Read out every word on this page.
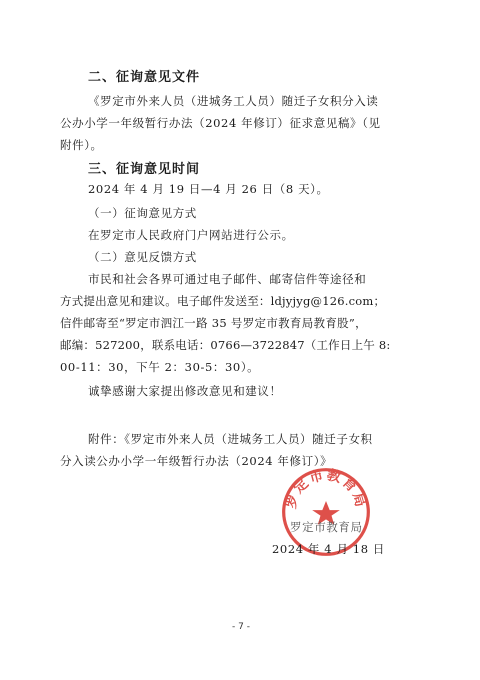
二、征询意见文件
《罗定市外来人员（进城务工人员）随迁子女积分入读
公办小学一年级暂行办法（2024 年修订）征求意见稿》（见
附件）。
三、征询意见时间
2024 年 4 月 19 日—4 月 26 日（8 天）。
（一）征询意见方式
在罗定市人民政府门户网站进行公示。
（二）意见反馈方式
市民和社会各界可通过电子邮件、邮寄信件等途径和
方式提出意见和建议。电子邮件发送至：ldjyjyg@126.com；
信件邮寄至“罗定市泗江一路 35 号罗定市教育局教育股”，
邮编：527200，联系电话：0766—3722847（工作日上午 8:
00-11：30，下午 2：30-5：30）。
诚挚感谢大家提出修改意见和建议！
附件：《罗定市外来人员（进城务工人员）随迁子女积
分入读公办小学一年级暂行办法（2024 年修订）》
罗定市教育局
罗定市教育局
2024 年 4 月 18 日
- 7 -
